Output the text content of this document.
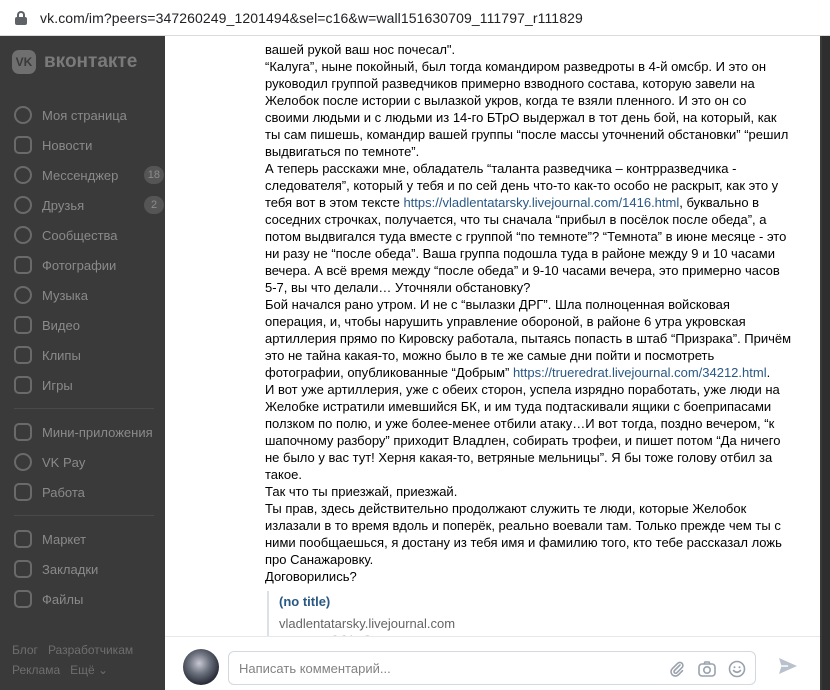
vk.com/im?peers=347260249_1201494&sel=c16&w=wall151630709_111797_r111829
VK вконтакте
Моя страница
Новости
Мессенджер	18
Друзья	2
Сообщества
Фотографии
Музыка
Видео
Клипы
Игры
Мини-приложения
VK Pay
Работа
Маркет
Закладки
Файлы
Блог Разработчикам
Реклама Ещё ⌄

вашей рукой ваш нос почесал".

“Калуга”, ныне покойный, был тогда командиром разведроты в 4-й омсбр. И это он руководил группой разведчиков примерно взводного состава, которую завели на Желобок после истории с вылазкой укров, когда те взяли пленного. И это он со своими людьми и с людьми из 14-го БТрО выдержал в тот день бой, на который, как ты сам пишешь, командир вашей группы “после массы уточнений обстановки” “решил выдвигаться по темноте”.

А теперь расскажи мне, обладатель “таланта разведчика – контрразведчика - следователя”, который у тебя и по сей день что-то как-то особо не раскрыт, как это у тебя вот в этом тексте https://vladlentatarsky.livejournal.com/1416.html, буквально в соседних строчках, получается, что ты сначала “прибыл в посёлок после обеда”, а потом выдвигался туда вместе с группой “по темноте”? “Темнота” в июне месяце - это ни разу не “после обеда”. Ваша группа подошла туда в районе между 9 и 10 часами вечера. А всё время между “после обеда” и 9-10 часами вечера, это примерно часов 5-7, вы что делали… Уточняли обстановку?

Бой начался рано утром. И не с “вылазки ДРГ”. Шла полноценная войсковая операция, и, чтобы нарушить управление обороной, в районе 6 утра укровская артиллерия прямо по Кировску работала, пытаясь попасть в штаб “Призрака”. Причём это не тайна какая-то, можно было в те же самые дни пойти и посмотреть фотографии, опубликованные “Добрым” https://trueredrat.livejournal.com/34212.html.

И вот уже артиллерия, уже с обеих сторон, успела изрядно поработать, уже люди на Желобке истратили имевшийся БК, и им туда подтаскивали ящики с боеприпасами ползком по полю, и уже более-менее отбили атаку…И вот тогда, поздно вечером, “к шапочному разбору” приходит Владлен, собирать трофеи, и пишет потом “Да ничего не было у вас тут! Херня какая-то, ветряные мельницы”. Я бы тоже голову отбил за такое.

Так что ты приезжай, приезжай.

Ты прав, здесь действительно продолжают служить те люди, которые Желобок излазали в то время вдоль и поперёк, реально воевали там. Только прежде чем ты с ними пообщаешься, я достану из тебя имя и фамилию того, кто тебе рассказал ложь про Санажаровку.

Договорились?

(no title)
vladlentatarsky.livejournal.com
Написать комментарий...
